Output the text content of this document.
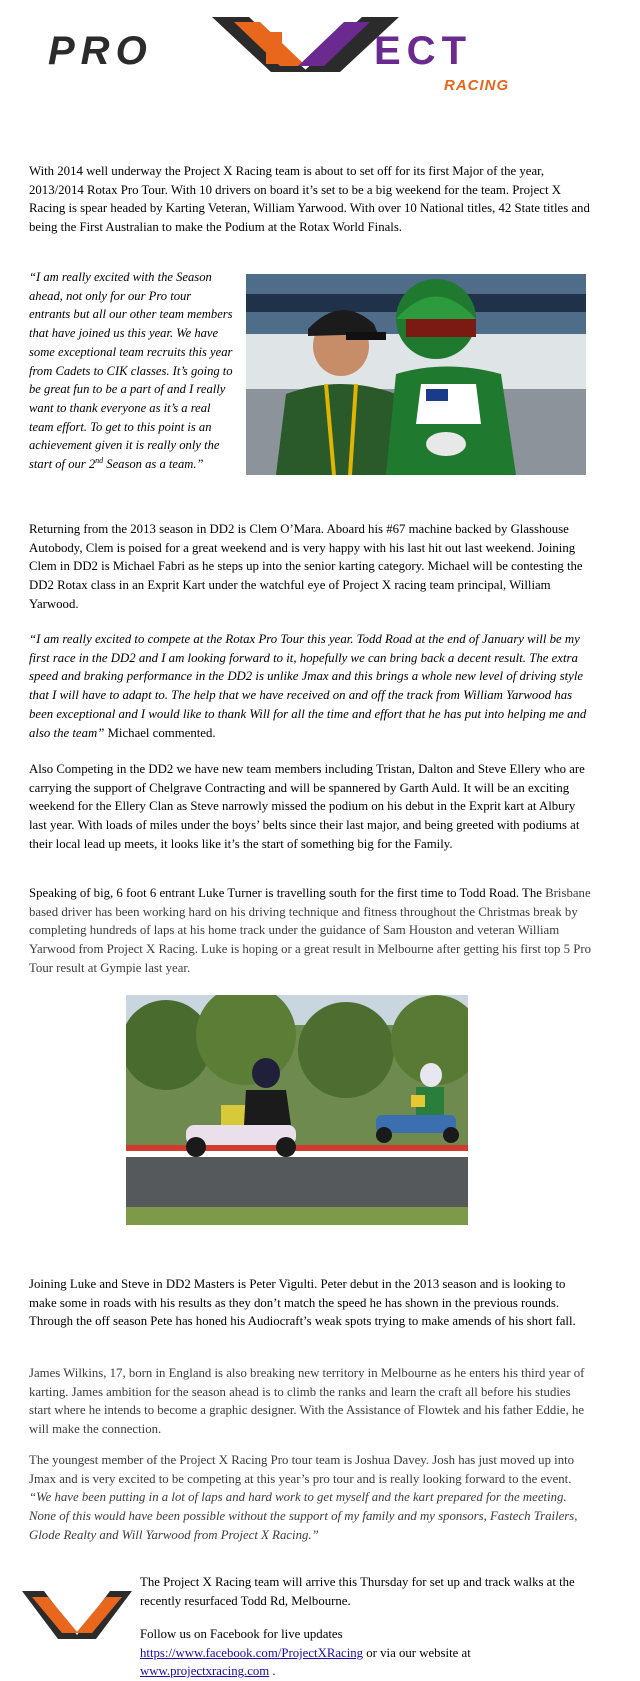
PRO	ECT
RACING

With 2014 well underway the Project X Racing team is about to set off for its first Major of the year, 2013/2014 Rotax Pro Tour. With 10 drivers on board it’s set to be a big weekend for the team. Project X Racing is spear headed by Karting Veteran, William Yarwood. With over 10 National titles, 42 State titles and being the First Australian to make the Podium at the Rotax World Finals.

“I am really excited with the Season ahead, not only for our Pro tour entrants but all our other team members that have joined us this year. We have some exceptional team recruits this year from Cadets to CIK classes. It’s going to be great fun to be a part of and I really want to thank everyone as it’s a real team effort. To get to this point is an achievement given it is really only the start of our 2nd Season as a team.”

Returning from the 2013 season in DD2 is Clem O’Mara. Aboard his #67 machine backed by Glasshouse Autobody, Clem is poised for a great weekend and is very happy with his last hit out last weekend. Joining Clem in DD2 is Michael Fabri as he steps up into the senior karting category. Michael will be contesting the DD2 Rotax class in an Exprit Kart under the watchful eye of Project X racing team principal, William Yarwood.

“I am really excited to compete at the Rotax Pro Tour this year. Todd Road at the end of January will be my first race in the DD2 and I am looking forward to it, hopefully we can bring back a decent result. The extra speed and braking performance in the DD2 is unlike Jmax and this brings a whole new level of driving style that I will have to adapt to. The help that we have received on and off the track from William Yarwood has been exceptional and I would like to thank Will for all the time and effort that he has put into helping me and also the team” Michael commented.

Also Competing in the DD2 we have new team members including Tristan, Dalton and Steve Ellery who are carrying the support of Chelgrave Contracting and will be spannered by Garth Auld. It will be an exciting weekend for the Ellery Clan as Steve narrowly missed the podium on his debut in the Exprit kart at Albury last year. With loads of miles under the boys’ belts since their last major, and being greeted with podiums at their local lead up meets, it looks like it’s the start of something big for the Family.

Speaking of big, 6 foot 6 entrant Luke Turner is travelling south for the first time to Todd Road. The Brisbane based driver has been working hard on his driving technique and fitness throughout the Christmas break by completing hundreds of laps at his home track under the guidance of Sam Houston and veteran William Yarwood from Project X Racing. Luke is hoping or a great result in Melbourne after getting his first top 5 Pro Tour result at Gympie last year.

Joining Luke and Steve in DD2 Masters is Peter Vigulti. Peter debut in the 2013 season and is looking to make some in roads with his results as they don’t match the speed he has shown in the previous rounds. Through the off season Pete has honed his Audiocraft’s weak spots trying to make amends of his short fall.

James Wilkins, 17, born in England is also breaking new territory in Melbourne as he enters his third year of karting. James ambition for the season ahead is to climb the ranks and learn the craft all before his studies start where he intends to become a graphic designer. With the Assistance of Flowtek and his father Eddie, he will make the connection.

The youngest member of the Project X Racing Pro tour team is Joshua Davey. Josh has just moved up into Jmax and is very excited to be competing at this year’s pro tour and is really looking forward to the event. “We have been putting in a lot of laps and hard work to get myself and the kart prepared for the meeting. None of this would have been possible without the support of my family and my sponsors, Fastech Trailers, Glode Realty and Will Yarwood from Project X Racing.”

The Project X Racing team will arrive this Thursday for set up and track walks at the recently resurfaced Todd Rd, Melbourne.

Follow us on Facebook for live updates
https://www.facebook.com/ProjectXRacing or via our website at
www.projectxracing.com .
